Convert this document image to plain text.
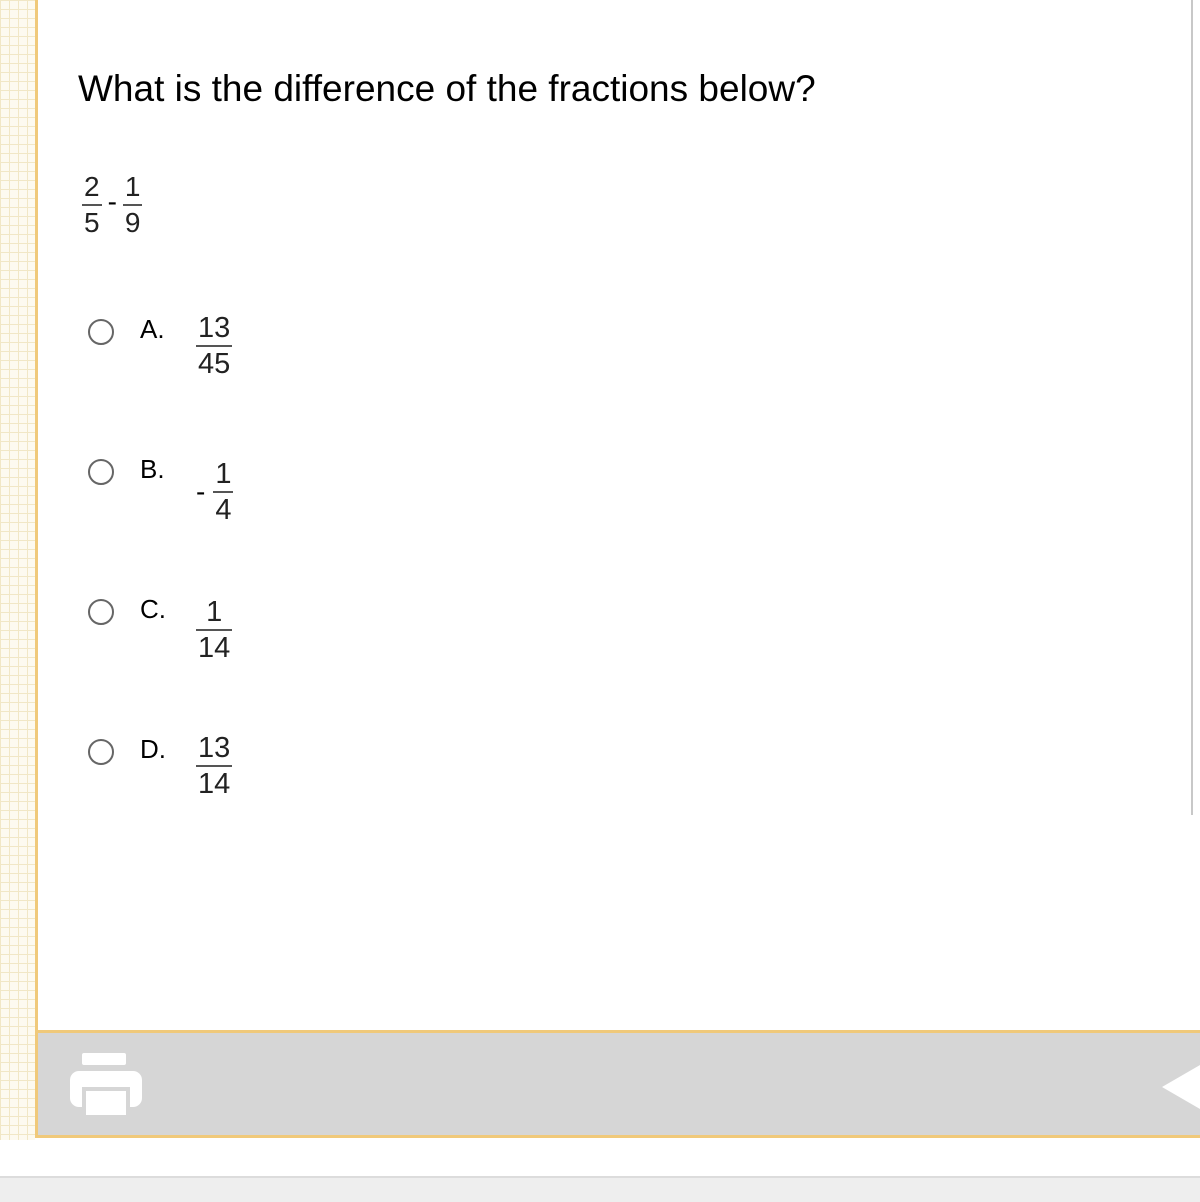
What is the difference of the fractions below?
$\frac{2}{5} - \frac{1}{9}$
A.	$\frac{13}{45}$
B.
- $\frac{1}{4}$
C.	$\frac{1}{14}$
D.	$\frac{13}{14}$
